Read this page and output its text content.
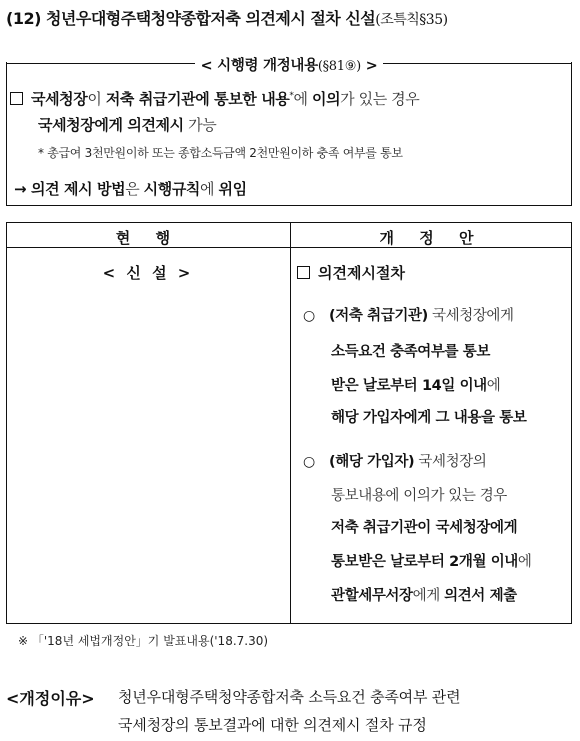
(12) 청년우대형주택청약종합저축 의견제시 절차 신설(조특칙§35)
< 시행령 개정내용(§81⑨) >
국세청장이 저축 취급기관에 통보한 내용*에 이의가 있는 경우
국세청장에게 의견제시 가능
* 총급여 3천만원이하 또는 종합소득금액 2천만원이하 충족 여부를 통보
→ 의견 제시 방법은 시행규칙에 위임
현 행	개 정 안
< 신 설 >	의견제시절차
○ (저축 취급기관) 국세청장에게
소득요건 충족여부를 통보
받은 날로부터 14일 이내에
해당 가입자에게 그 내용을 통보
○ (해당 가입자) 국세청장의
통보내용에 이의가 있는 경우
저축 취급기관이 국세청장에게
통보받은 날로부터 2개월 이내에
관할세무서장에게 의견서 제출
※ 「'18년 세법개정안」기 발표내용('18.7.30)
<개정이유> 청년우대형주택청약종합저축 소득요건 충족여부 관련
국세청장의 통보결과에 대한 의견제시 절차 규정
